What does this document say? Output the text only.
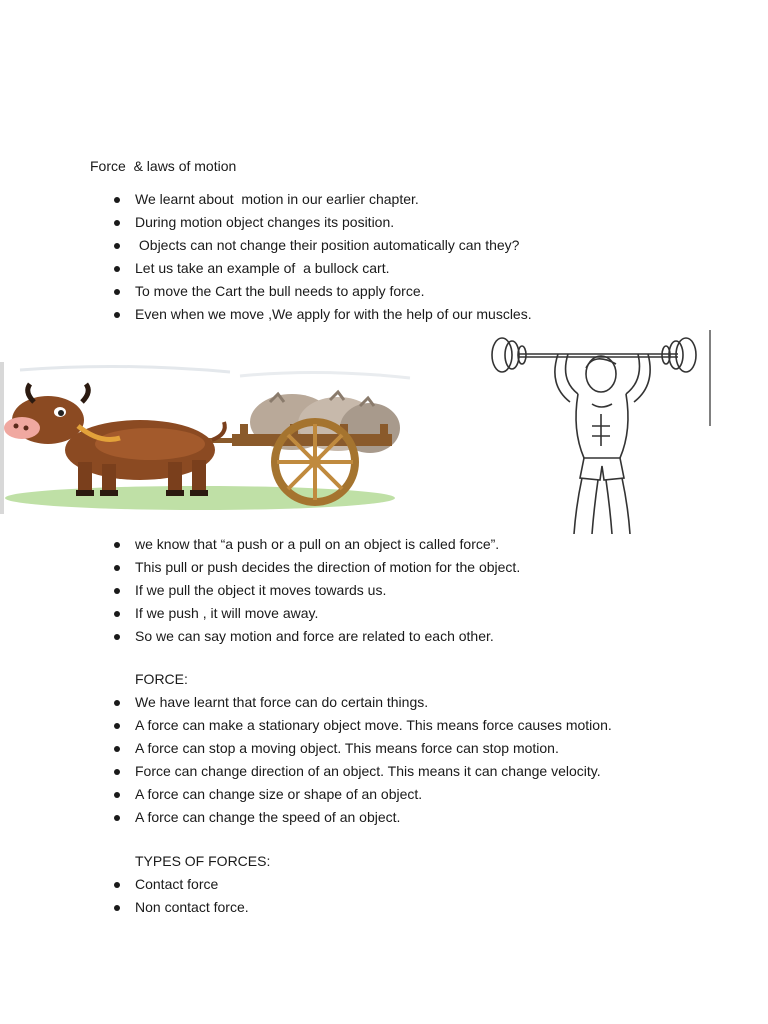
Force  & laws of motion
We learnt about  motion in our earlier chapter.
During motion object changes its position.
Objects can not change their position automatically can they?
Let us take an example of  a bullock cart.
To move the Cart the bull needs to apply force.
Even when we move ,We apply for with the help of our muscles.
we know that “a push or a pull on an object is called force”.
This pull or push decides the direction of motion for the object.
If we pull the object it moves towards us.
If we push , it will move away.
So we can say motion and force are related to each other.
FORCE:
We have learnt that force can do certain things.
A force can make a stationary object move. This means force causes motion.
A force can stop a moving object. This means force can stop motion.
Force can change direction of an object. This means it can change velocity.
A force can change size or shape of an object.
A force can change the speed of an object.
TYPES OF FORCES:
Contact force
Non contact force.
